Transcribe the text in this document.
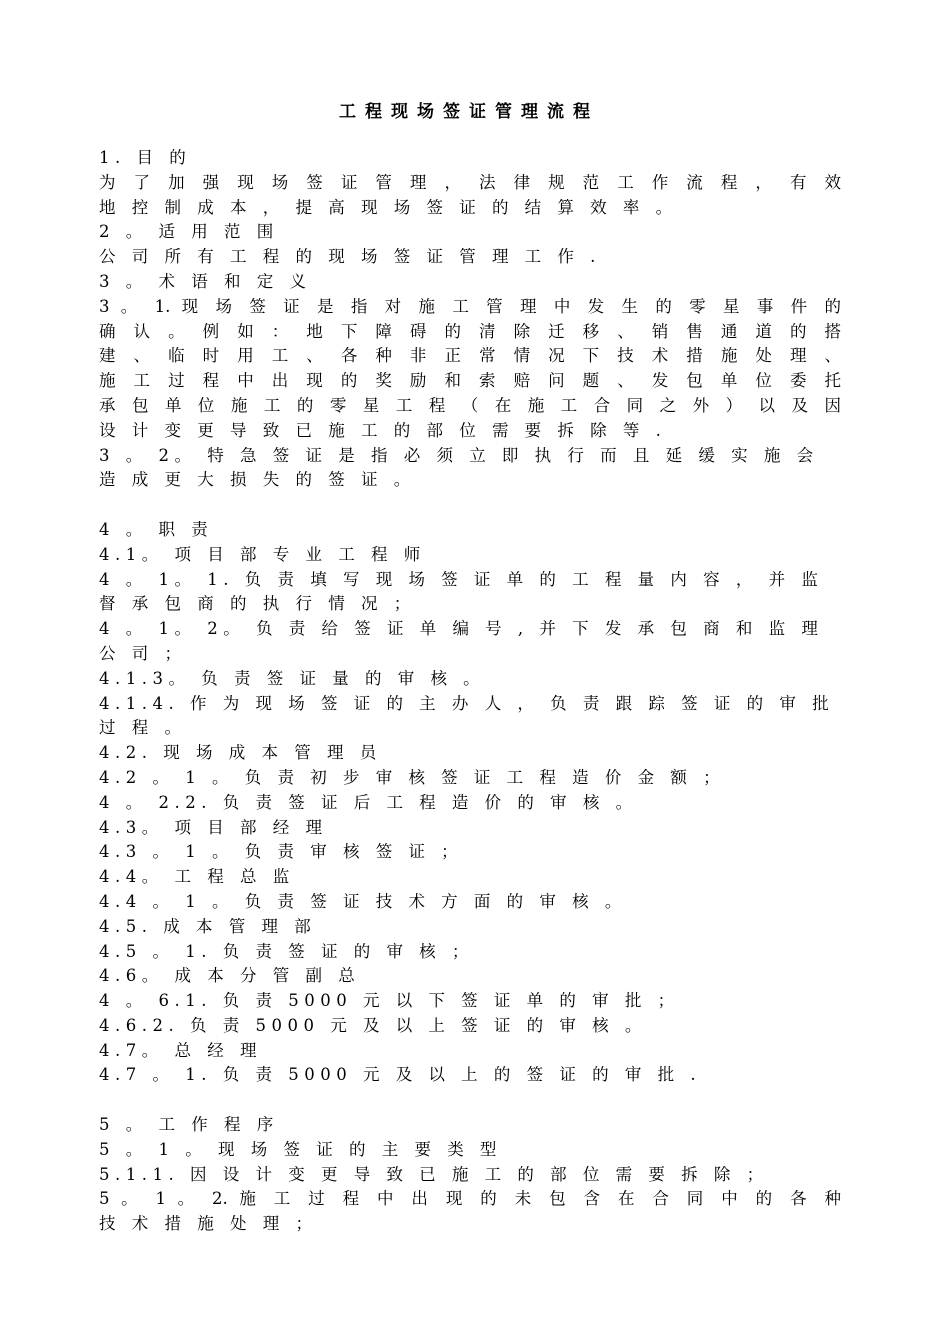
工程现场签证管理流程
1. 目 的
为 了 加 强 现 场 签 证 管 理 ， 法 律 规 范 工 作 流 程 ， 有 效
地 控 制 成 本 ， 提 高 现 场 签 证 的 结 算 效 率 。
2 。 适 用 范 围
公 司 所 有 工 程 的 现 场 签 证 管 理 工 作 .
3 。 术 语 和 定 义
3 。 1. 现 场 签 证 是 指 对 施 工 管 理 中 发 生 的 零 星 事 件 的
确 认 。 例 如 ： 地 下 障 碍 的 清 除 迁 移 、 销 售 通 道 的 搭
建 、 临 时 用 工 、 各 种 非 正 常 情 况 下 技 术 措 施 处 理 、
施 工 过 程 中 出 现 的 奖 励 和 索 赔 问 题 、 发 包 单 位 委 托
承 包 单 位 施 工 的 零 星 工 程 （ 在 施 工 合 同 之 外 ） 以 及 因
设 计 变 更 导 致 已 施 工 的 部 位 需 要 拆 除 等 .
3 。 2。 特 急 签 证 是 指 必 须 立 即 执 行 而 且 延 缓 实 施 会
造 成 更 大 损 失 的 签 证 。
4 。 职 责
4.1。 项 目 部 专 业 工 程 师
4 。 1。 1. 负 责 填 写 现 场 签 证 单 的 工 程 量 内 容 ， 并 监
督 承 包 商 的 执 行 情 况 ；
4 。 1。 2。 负 责 给 签 证 单 编 号 , 并 下 发 承 包 商 和 监 理
公 司 ；
4.1.3。 负 责 签 证 量 的 审 核 。
4.1.4. 作 为 现 场 签 证 的 主 办 人 ， 负 责 跟 踪 签 证 的 审 批
过 程 。
4.2. 现 场 成 本 管 理 员
4.2 。 1 。 负 责 初 步 审 核 签 证 工 程 造 价 金 额 ；
4 。 2.2. 负 责 签 证 后 工 程 造 价 的 审 核 。
4.3。 项 目 部 经 理
4.3 。 1 。 负 责 审 核 签 证 ；
4.4。 工 程 总 监
4.4 。 1 。 负 责 签 证 技 术 方 面 的 审 核 。
4.5. 成 本 管 理 部
4.5 。 1. 负 责 签 证 的 审 核 ；
4.6。 成 本 分 管 副 总
4 。 6.1. 负 责 5000 元 以 下 签 证 单 的 审 批 ；
4.6.2. 负 责 5000 元 及 以 上 签 证 的 审 核 。
4.7。 总 经 理
4.7 。 1. 负 责 5000 元 及 以 上 的 签 证 的 审 批 .
5 。 工 作 程 序
5 。 1 。 现 场 签 证 的 主 要 类 型
5.1.1. 因 设 计 变 更 导 致 已 施 工 的 部 位 需 要 拆 除 ；
5 。 1 。 2. 施 工 过 程 中 出 现 的 未 包 含 在 合 同 中 的 各 种
技 术 措 施 处 理 ；
